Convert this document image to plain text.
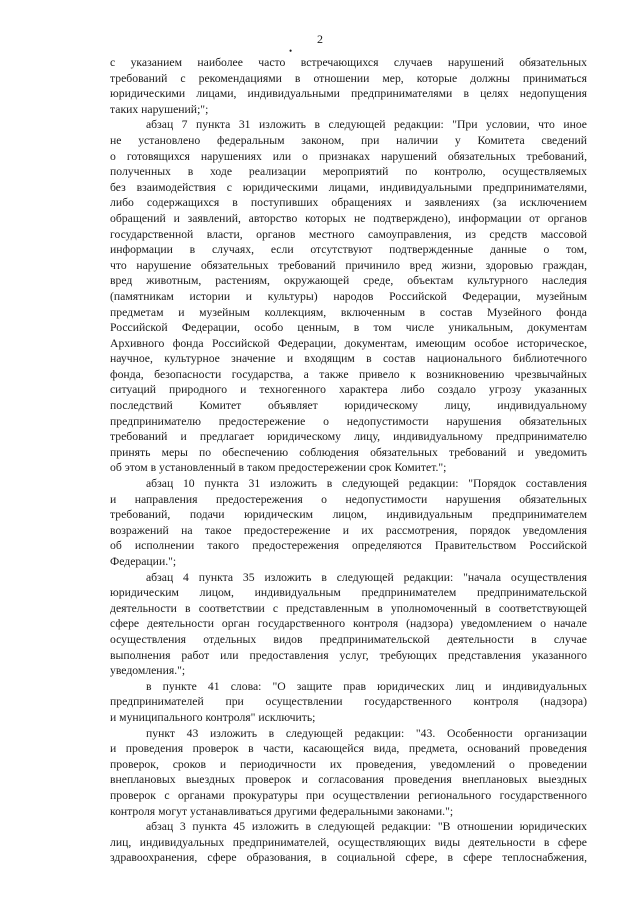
2
•

с указанием наиболее часто встречающихся случаев нарушений обязательных

требований с рекомендациями в отношении мер, которые должны приниматься

юридическими лицами, индивидуальными предпринимателями в целях недопущения

таких нарушений;";

абзац 7 пункта 31 изложить в следующей редакции: "При условии, что иное

не установлено федеральным законом, при наличии у Комитета сведений

о готовящихся нарушениях или о признаках нарушений обязательных требований,

полученных в ходе реализации мероприятий по контролю, осуществляемых

без взаимодействия с юридическими лицами, индивидуальными предпринимателями,

либо содержащихся в поступивших обращениях и заявлениях (за исключением

обращений и заявлений, авторство которых не подтверждено), информации от органов

государственной власти, органов местного самоуправления, из средств массовой

информации в случаях, если отсутствуют подтвержденные данные о том,

что нарушение обязательных требований причинило вред жизни, здоровью граждан,

вред животным, растениям, окружающей среде, объектам культурного наследия

(памятникам истории и культуры) народов Российской Федерации, музейным

предметам и музейным коллекциям, включенным в состав Музейного фонда

Российской Федерации, особо ценным, в том числе уникальным, документам

Архивного фонда Российской Федерации, документам, имеющим особое историческое,

научное, культурное значение и входящим в состав национального библиотечного

фонда, безопасности государства, а также привело к возникновению чрезвычайных

ситуаций природного и техногенного характера либо создало угрозу указанных

последствий Комитет объявляет юридическому лицу, индивидуальному

предпринимателю предостережение о недопустимости нарушения обязательных

требований и предлагает юридическому лицу, индивидуальному предпринимателю

принять меры по обеспечению соблюдения обязательных требований и уведомить

об этом в установленный в таком предостережении срок Комитет.";

абзац 10 пункта 31 изложить в следующей редакции: "Порядок составления

и направления предостережения о недопустимости нарушения обязательных

требований, подачи юридическим лицом, индивидуальным предпринимателем

возражений на такое предостережение и их рассмотрения, порядок уведомления

об исполнении такого предостережения определяются Правительством Российской

Федерации.";

абзац 4 пункта 35 изложить в следующей редакции: "начала осуществления

юридическим лицом, индивидуальным предпринимателем предпринимательской

деятельности в соответствии с представленным в уполномоченный в соответствующей

сфере деятельности орган государственного контроля (надзора) уведомлением о начале

осуществления отдельных видов предпринимательской деятельности в случае

выполнения работ или предоставления услуг, требующих представления указанного

уведомления.";

в пункте 41 слова: "О защите прав юридических лиц и индивидуальных

предпринимателей при осуществлении государственного контроля (надзора)

и муниципального контроля" исключить;

пункт 43 изложить в следующей редакции: "43. Особенности организации

и проведения проверок в части, касающейся вида, предмета, оснований проведения

проверок, сроков и периодичности их проведения, уведомлений о проведении

внеплановых выездных проверок и согласования проведения внеплановых выездных

проверок с органами прокуратуры при осуществлении регионального государственного

контроля могут устанавливаться другими федеральными законами.";

абзац 3 пункта 45 изложить в следующей редакции: "В отношении юридических

лиц, индивидуальных предпринимателей, осуществляющих виды деятельности в сфере

здравоохранения, сфере образования, в социальной сфере, в сфере теплоснабжения,
